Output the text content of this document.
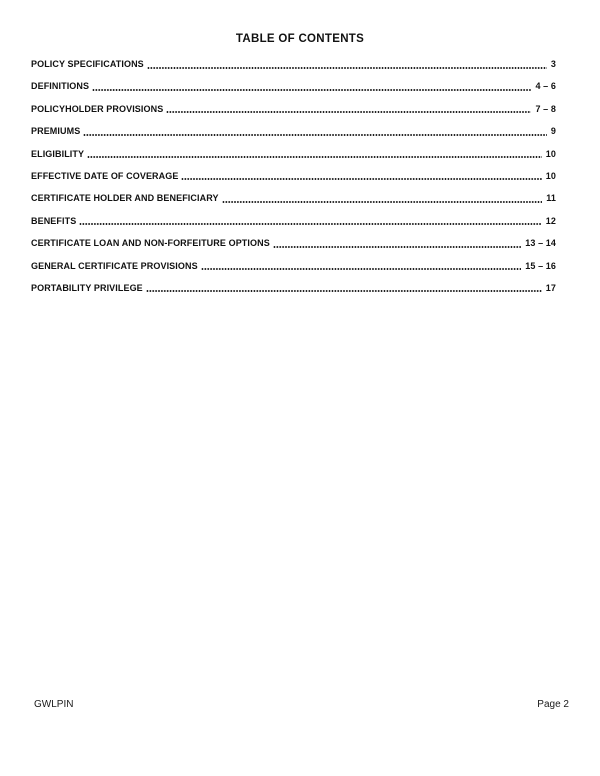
TABLE OF CONTENTS
POLICY SPECIFICATIONS	3
DEFINITIONS	4 – 6
POLICYHOLDER PROVISIONS	7 – 8
PREMIUMS	9
ELIGIBILITY	10
EFFECTIVE DATE OF COVERAGE	10
CERTIFICATE HOLDER AND BENEFICIARY	11
BENEFITS	12
CERTIFICATE LOAN AND NON-FORFEITURE OPTIONS	13 – 14
GENERAL CERTIFICATE PROVISIONS	15 – 16
PORTABILITY PRIVILEGE	17
GWLPIN	Page 2
